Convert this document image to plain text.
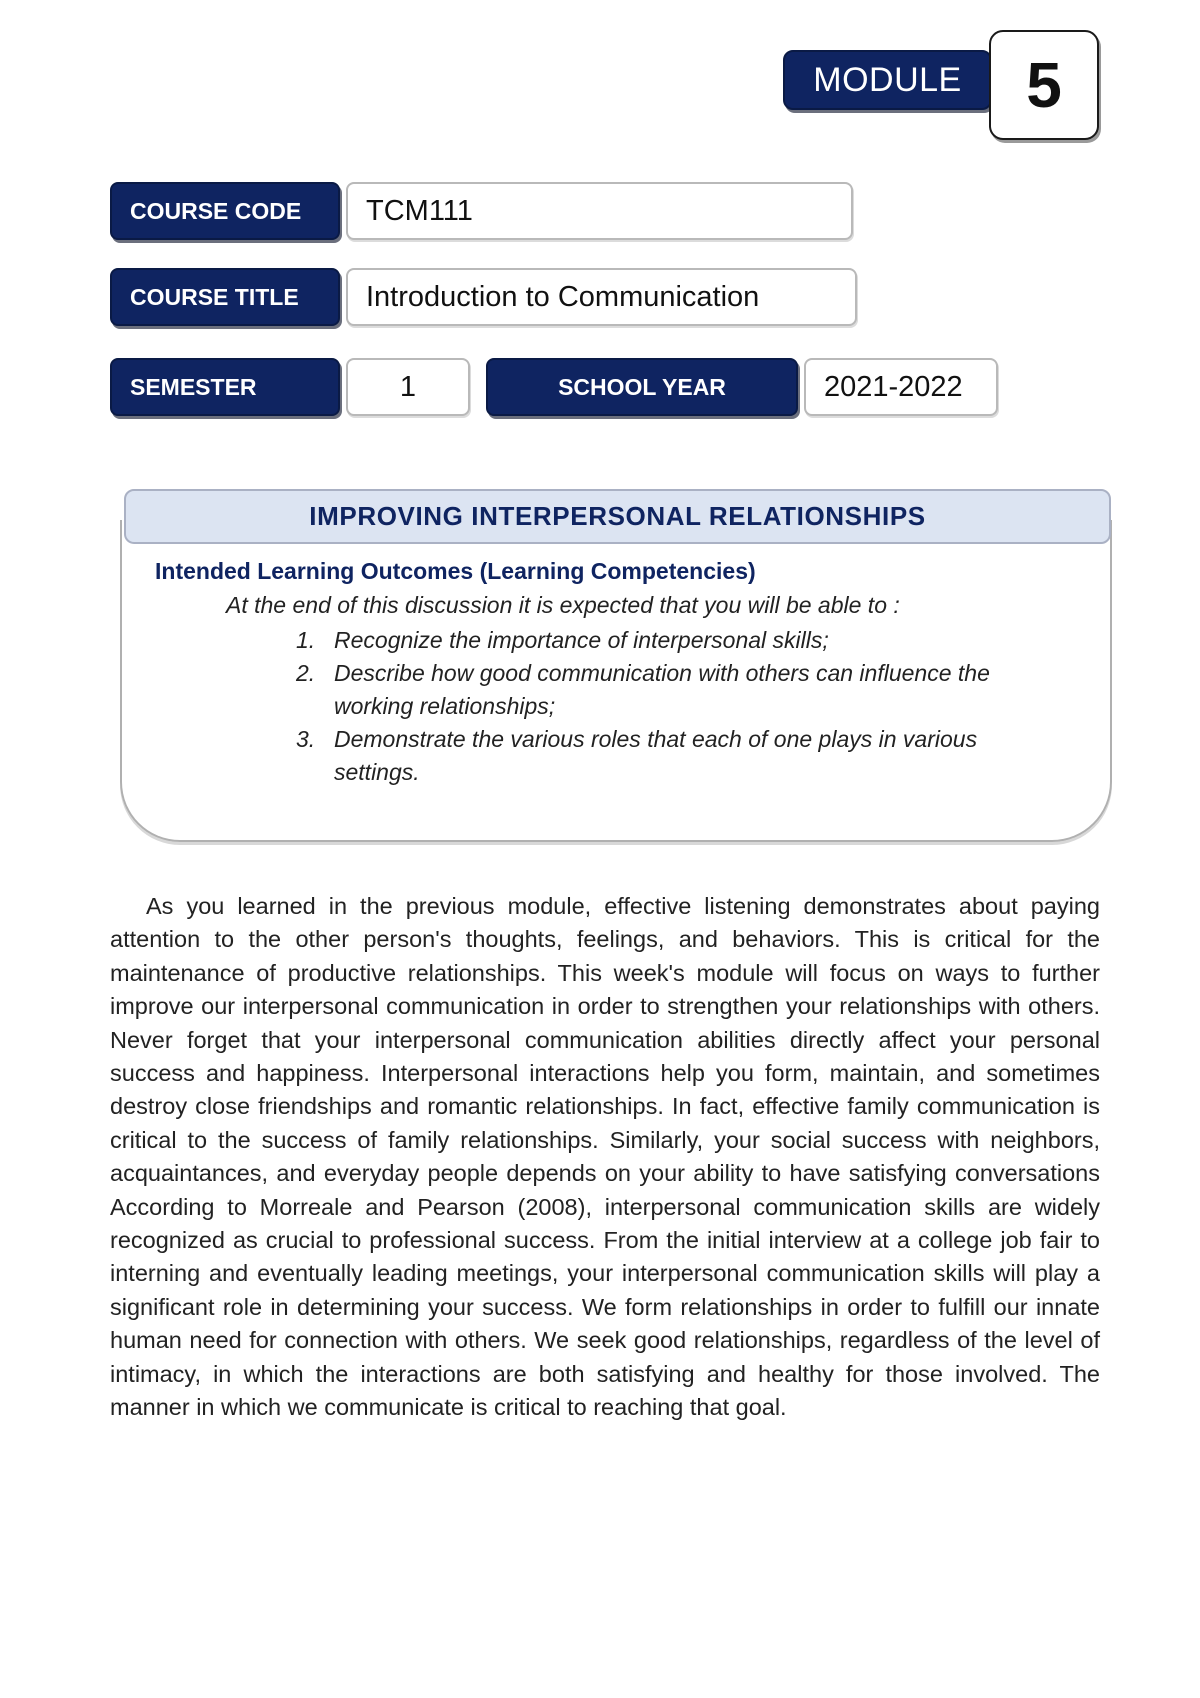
MODULE	5
COURSE CODE	TCM111
COURSE TITLE	Introduction to Communication
SEMESTER	1	SCHOOL YEAR	2021-2022
IMPROVING INTERPERSONAL RELATIONSHIPS
Intended Learning Outcomes (Learning Competencies)
At the end of this discussion it is expected that you will be able to :
1. Recognize the importance of interpersonal skills;
2. Describe how good communication with others can influence the working relationships;
3. Demonstrate the various roles that each of one plays in various settings.

As you learned in the previous module, effective listening demonstrates about paying attention to the other person's thoughts, feelings, and behaviors. This is critical for the maintenance of productive relationships. This week's module will focus on ways to further improve our interpersonal communication in order to strengthen your relationships with others. Never forget that your interpersonal communication abilities directly affect your personal success and happiness. Interpersonal interactions help you form, maintain, and sometimes destroy close friendships and romantic relationships. In fact, effective family communication is critical to the success of family relationships. Similarly, your social success with neighbors, acquaintances, and everyday people depends on your ability to have satisfying conversations According to Morreale and Pearson (2008), interpersonal communication skills are widely recognized as crucial to professional success. From the initial interview at a college job fair to interning and eventually leading meetings, your interpersonal communication skills will play a significant role in determining your success. We form relationships in order to fulfill our innate human need for connection with others. We seek good relationships, regardless of the level of intimacy, in which the interactions are both satisfying and healthy for those involved. The manner in which we communicate is critical to reaching that goal.
